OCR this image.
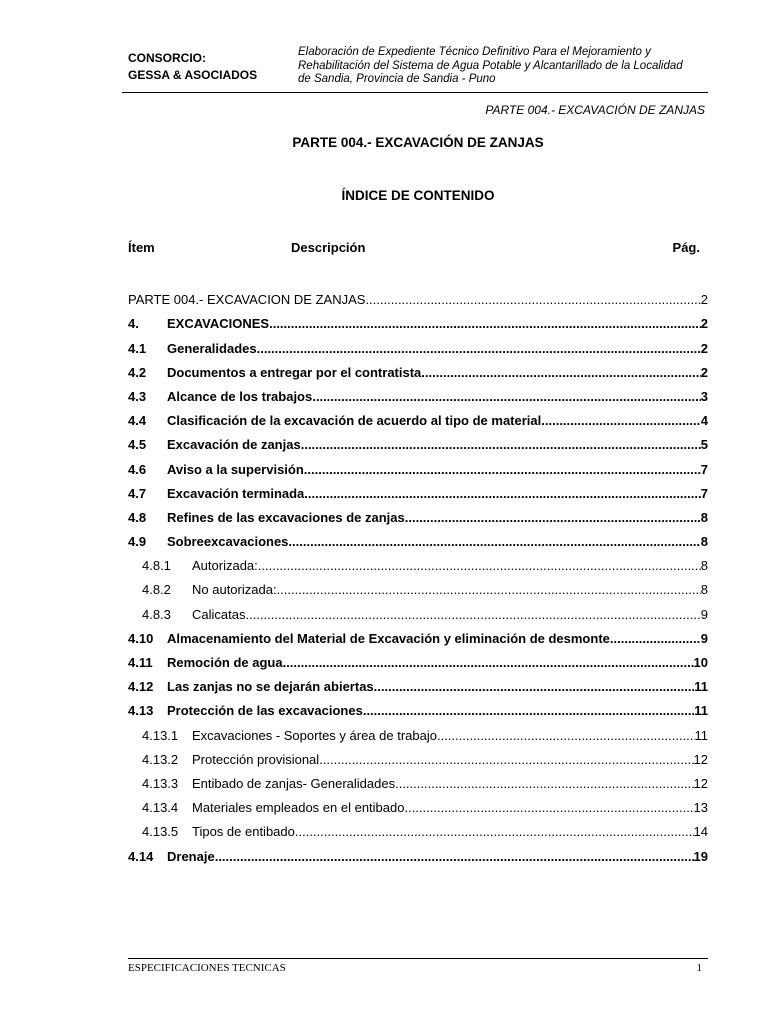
CONSORCIO:
GESSA & ASOCIADOS
Elaboración de Expediente Técnico Definitivo Para el Mejoramiento y
Rehabilitación del Sistema de Agua Potable y Alcantarillado de la Localidad
de Sandia, Provincia de Sandia - Puno
PARTE 004.- EXCAVACIÓN DE ZANJAS
PARTE 004.- EXCAVACIÓN DE ZANJAS
ÍNDICE DE CONTENIDO
Ítem	Descripción	Pág.
PARTE 004.- EXCAVACION DE ZANJAS .....	2
4. EXCAVACIONES .....	2
4.1 Generalidades .....	2
4.2 Documentos a entregar por el contratista .....	2
4.3 Alcance de los trabajos .....	3
4.4 Clasificación de la excavación de acuerdo al tipo de material .....	4
4.5 Excavación de zanjas .....	5
4.6 Aviso a la supervisión .....	7
4.7 Excavación terminada .....	7
4.8 Refines de las excavaciones de zanjas .....	8
4.9 Sobreexcavaciones .....	8
4.8.1 Autorizada: .....	8
4.8.2 No autorizada: .....	8
4.8.3 Calicatas .....	9
4.10 Almacenamiento del Material de Excavación y eliminación de desmonte .....	9
4.11 Remoción de agua .....	10
4.12 Las zanjas no se dejarán abiertas .....	11
4.13 Protección de las excavaciones .....	11
4.13.1 Excavaciones - Soportes y área de trabajo .....	11
4.13.2 Protección provisional .....	12
4.13.3 Entibado de zanjas- Generalidades .....	12
4.13.4 Materiales empleados en el entibado .....	13
4.13.5 Tipos de entibado .....	14
4.14 Drenaje .....	19
ESPECIFICACIONES TECNICAS	1
